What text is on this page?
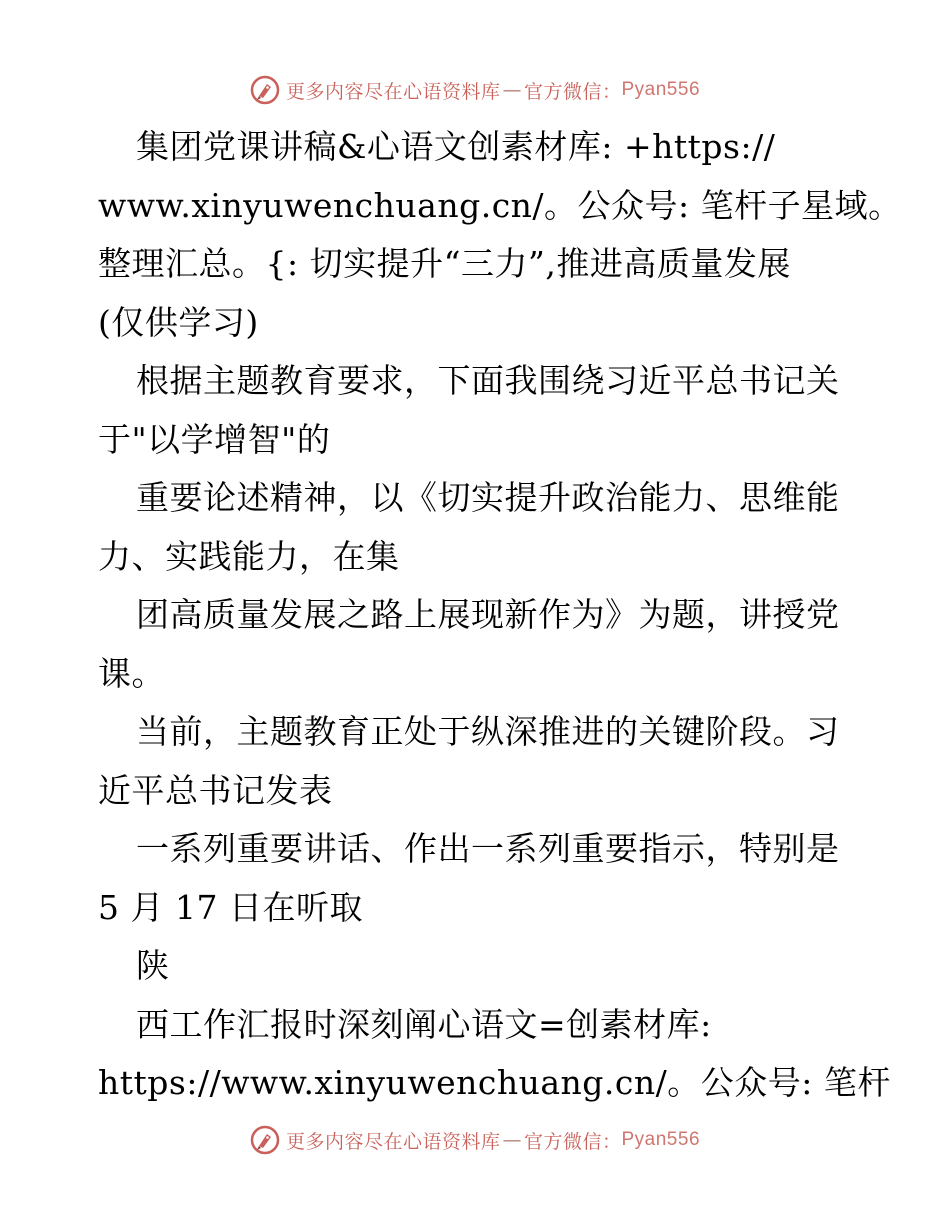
更多内容尽在心语资料库 — 官方微信： Pyan556
集团党课讲稿&心语文创素材库: +https://
www.xinyuwenchuang.cn/。公众号: 笔杆子星域。
整理汇总。{: 切实提升“三力”,推进高质量发展
(仅供学习)
根据主题教育要求，下面我围绕习近平总书记关
于"以学增智"的
重要论述精神，以《切实提升政治能力、思维能
力、实践能力，在集
团高质量发展之路上展现新作为》为题，讲授党
课。
当前，主题教育正处于纵深推进的关键阶段。习
近平总书记发表
一系列重要讲话、作出一系列重要指示，特别是
5 月 17 日在听取
陕
西工作汇报时深刻阐心语文=创素材库:
https://www.xinyuwenchuang.cn/。公众号: 笔杆
更多内容尽在心语资料库 — 官方微信： Pyan556
